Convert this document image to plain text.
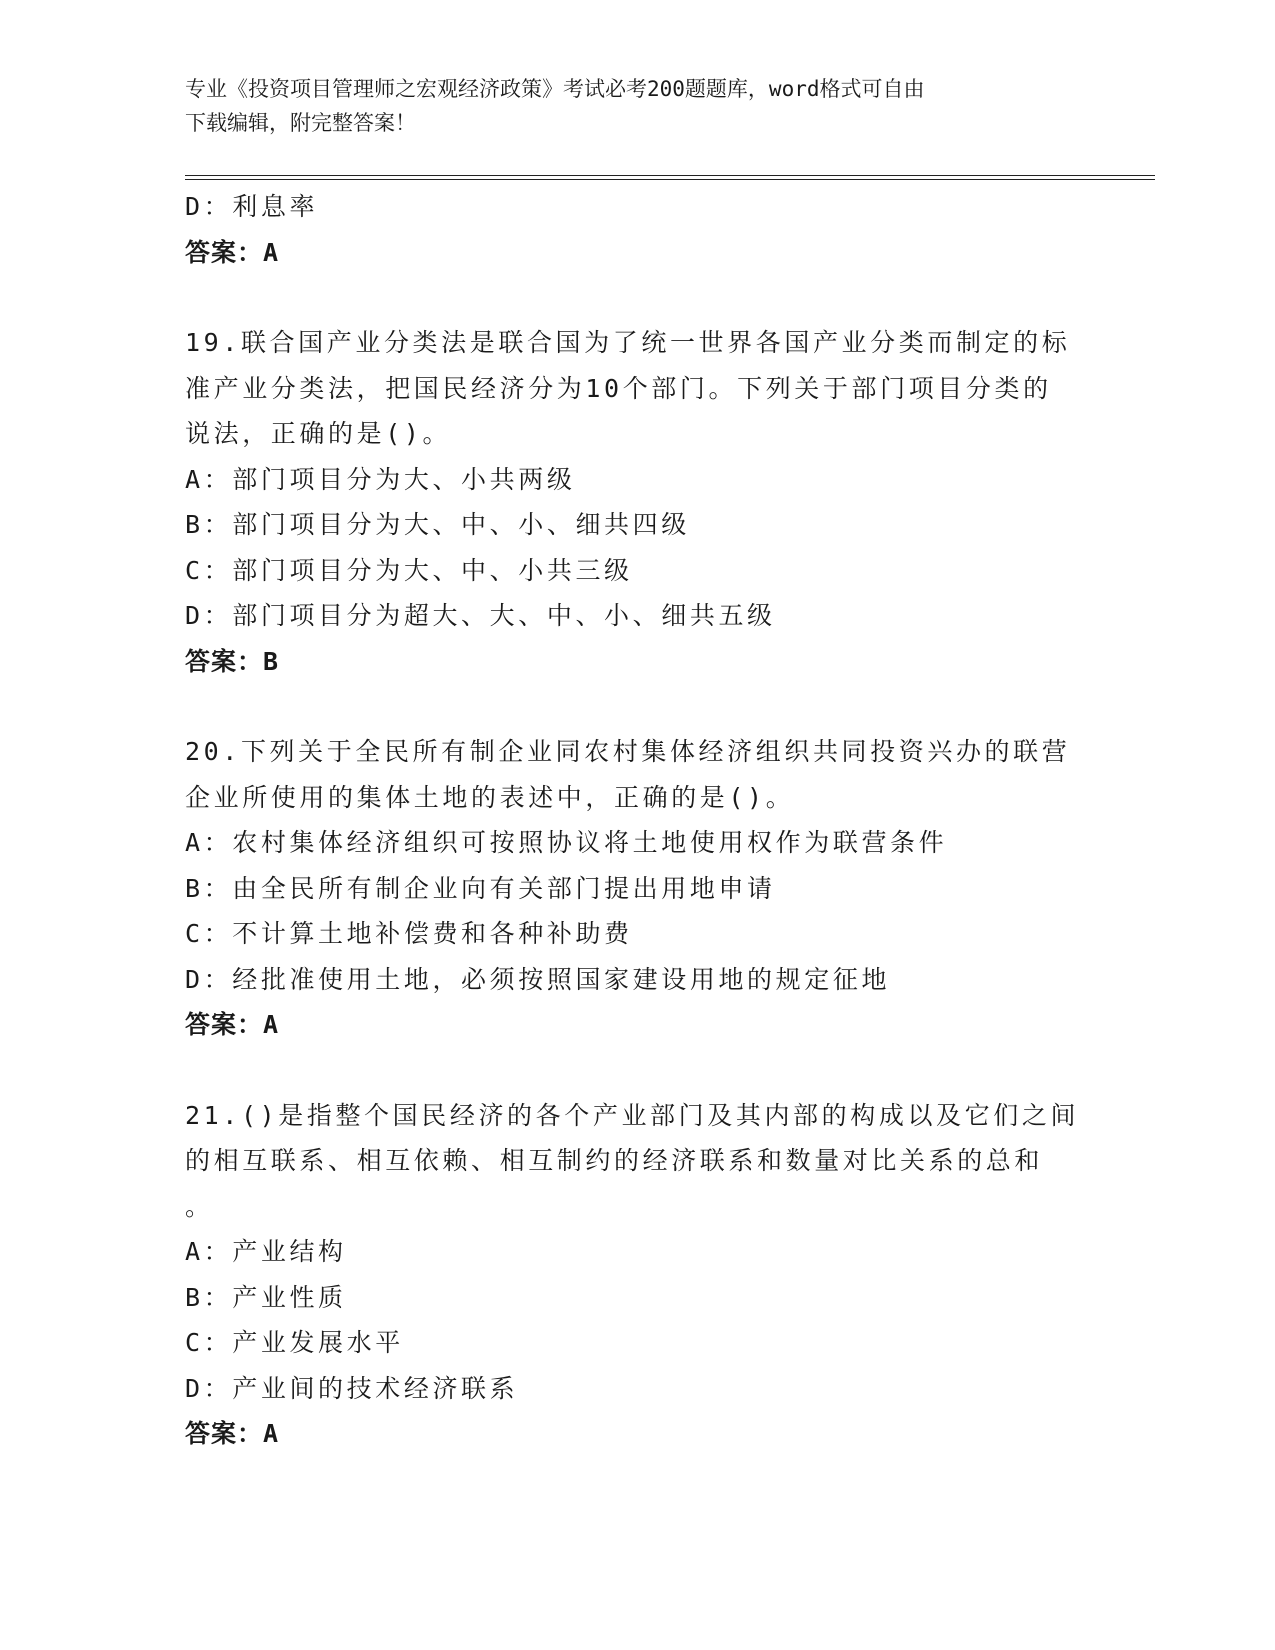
专业《投资项目管理师之宏观经济政策》考试必考200题题库，word格式可自由
下载编辑，附完整答案！
D：利息率
答案：A
19.联合国产业分类法是联合国为了统一世界各国产业分类而制定的标
准产业分类法，把国民经济分为10个部门。下列关于部门项目分类的
说法，正确的是()。
A：部门项目分为大、小共两级
B：部门项目分为大、中、小、细共四级
C：部门项目分为大、中、小共三级
D：部门项目分为超大、大、中、小、细共五级
答案：B
20.下列关于全民所有制企业同农村集体经济组织共同投资兴办的联营
企业所使用的集体土地的表述中，正确的是()。
A：农村集体经济组织可按照协议将土地使用权作为联营条件
B：由全民所有制企业向有关部门提出用地申请
C：不计算土地补偿费和各种补助费
D：经批准使用土地，必须按照国家建设用地的规定征地
答案：A
21.()是指整个国民经济的各个产业部门及其内部的构成以及它们之间
的相互联系、相互依赖、相互制约的经济联系和数量对比关系的总和
。
A：产业结构
B：产业性质
C：产业发展水平
D：产业间的技术经济联系
答案：A
